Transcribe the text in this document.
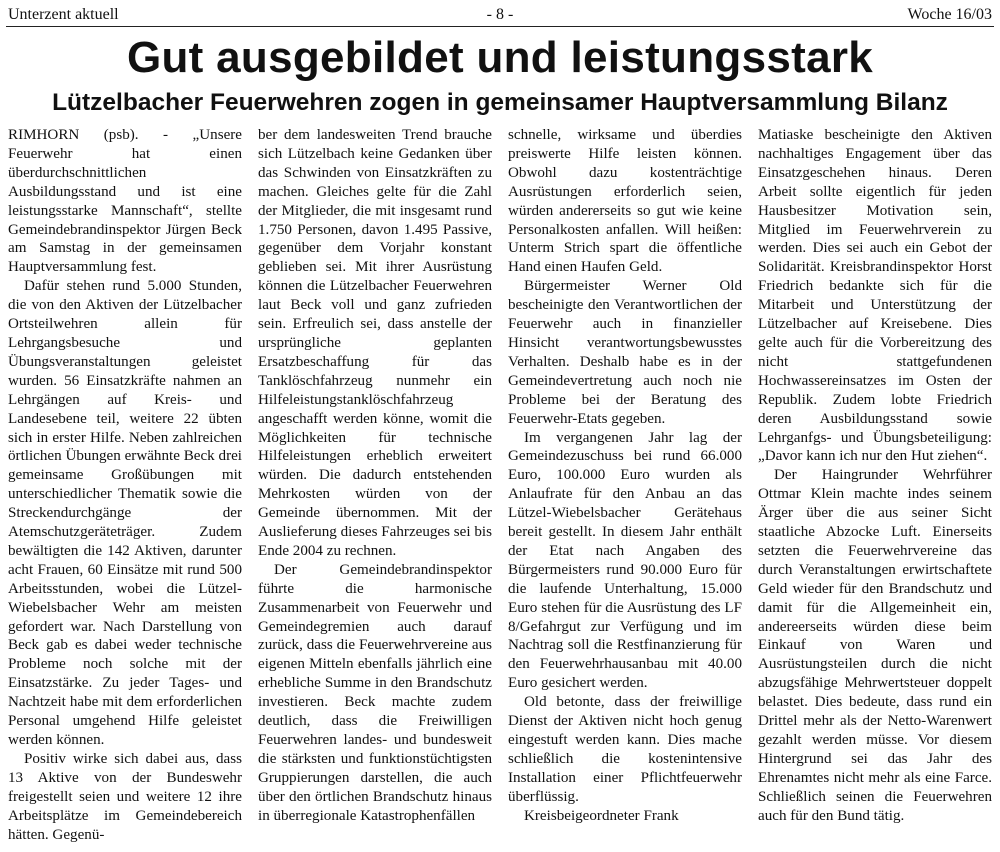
Unterzent aktuell	- 8 -	Woche 16/03
Gut ausgebildet und leistungsstark
Lützelbacher Feuerwehren zogen in gemeinsamer Hauptversammlung Bilanz

RIMHORN (psb). - „Unsere Feuerwehr hat einen überdurchschnittlichen Ausbildungsstand und ist eine leistungsstarke Mannschaft“, stellte Gemeindebrandinspektor Jürgen Beck am Samstag in der gemeinsamen Hauptversammlung fest.

Dafür stehen rund 5.000 Stunden, die von den Aktiven der Lützelbacher Ortsteilwehren allein für Lehrgangsbesuche und Übungsveranstaltungen geleistet wurden. 56 Einsatzkräfte nahmen an Lehrgängen auf Kreis- und Landesebene teil, weitere 22 übten sich in erster Hilfe. Neben zahlreichen örtlichen Übungen erwähnte Beck drei gemeinsame Großübungen mit unterschiedlicher Thematik sowie die Streckendurchgänge der Atemschutzgeräteträger. Zudem bewältigten die 142 Aktiven, darunter acht Frauen, 60 Einsätze mit rund 500 Arbeitsstunden, wobei die Lützel-Wiebelsbacher Wehr am meisten gefordert war. Nach Darstellung von Beck gab es dabei weder technische Probleme noch solche mit der Einsatzstärke. Zu jeder Tages- und Nachtzeit habe mit dem erforderlichen Personal umgehend Hilfe geleistet werden können.

Positiv wirke sich dabei aus, dass 13 Aktive von der Bundeswehr freigestellt seien und weitere 12 ihre Arbeitsplätze im Gemeindebereich hätten. Gegenü-

ber dem landesweiten Trend brauche sich Lützelbach keine Gedanken über das Schwinden von Einsatzkräften zu machen. Gleiches gelte für die Zahl der Mitglieder, die mit insgesamt rund 1.750 Personen, davon 1.495 Passive, gegenüber dem Vorjahr konstant geblieben sei. Mit ihrer Ausrüstung können die Lützelbacher Feuerwehren laut Beck voll und ganz zufrieden sein. Erfreulich sei, dass anstelle der ursprüngliche geplanten Ersatzbeschaffung für das Tanklöschfahrzeug nunmehr ein Hilfeleistungstanklöschfahrzeug angeschafft werden könne, womit die Möglichkeiten für technische Hilfeleistungen erheblich erweitert würden. Die dadurch entstehenden Mehrkosten würden von der Gemeinde übernommen. Mit der Auslieferung dieses Fahrzeuges sei bis Ende 2004 zu rechnen.

Der Gemeindebrandinspektor führte die harmonische Zusammenarbeit von Feuerwehr und Gemeindegremien auch darauf zurück, dass die Feuerwehrvereine aus eigenen Mitteln ebenfalls jährlich eine erhebliche Summe in den Brandschutz investieren. Beck machte zudem deutlich, dass die Freiwilligen Feuerwehren landes- und bundesweit die stärksten und funktionstüchtigsten Gruppierungen darstellen, die auch über den örtlichen Brandschutz hinaus in überregionale Katastrophenfällen

schnelle, wirksame und überdies preiswerte Hilfe leisten können. Obwohl dazu kostenträchtige Ausrüstungen erforderlich seien, würden andererseits so gut wie keine Personalkosten anfallen. Will heißen: Unterm Strich spart die öffentliche Hand einen Haufen Geld.

Bürgermeister Werner Old bescheinigte den Verantwortlichen der Feuerwehr auch in finanzieller Hinsicht verantwortungsbewusstes Verhalten. Deshalb habe es in der Gemeindevertretung auch noch nie Probleme bei der Beratung des Feuerwehr-Etats gegeben.

Im vergangenen Jahr lag der Gemeindezuschuss bei rund 66.000 Euro, 100.000 Euro wurden als Anlaufrate für den Anbau an das Lützel-Wiebelsbacher Gerätehaus bereit gestellt. In diesem Jahr enthält der Etat nach Angaben des Bürgermeisters rund 90.000 Euro für die laufende Unterhaltung, 15.000 Euro stehen für die Ausrüstung des LF 8/Gefahrgut zur Verfügung und im Nachtrag soll die Restfinanzierung für den Feuerwehrhausanbau mit 40.00 Euro gesichert werden.

Old betonte, dass der freiwillige Dienst der Aktiven nicht hoch genug eingestuft werden kann. Dies mache schließlich die kostenintensive Installation einer Pflichtfeuerwehr überflüssig.

Kreisbeigeordneter Frank

Matiaske bescheinigte den Aktiven nachhaltiges Engagement über das Einsatzgeschehen hinaus. Deren Arbeit sollte eigentlich für jeden Hausbesitzer Motivation sein, Mitglied im Feuerwehrverein zu werden. Dies sei auch ein Gebot der Solidarität. Kreisbrandinspektor Horst Friedrich bedankte sich für die Mitarbeit und Unterstützung der Lützelbacher auf Kreisebene. Dies gelte auch für die Vorbereitzung des nicht stattgefundenen Hochwassereinsatzes im Osten der Republik. Zudem lobte Friedrich deren Ausbildungsstand sowie Lehrganfgs- und Übungsbeteiligung: „Davor kann ich nur den Hut ziehen“.

Der Haingrunder Wehrführer Ottmar Klein machte indes seinem Ärger über die aus seiner Sicht staatliche Abzocke Luft. Einerseits setzten die Feuerwehrvereine das durch Veranstaltungen erwirtschaftete Geld wieder für den Brandschutz und damit für die Allgemeinheit ein, andereerseits würden diese beim Einkauf von Waren und Ausrüstungsteilen durch die nicht abzugsfähige Mehrwertsteuer doppelt belastet. Dies bedeute, dass rund ein Drittel mehr als der Netto-Warenwert gezahlt werden müsse. Vor diesem Hintergrund sei das Jahr des Ehrenamtes nicht mehr als eine Farce. Schließlich seinen die Feuerwehren auch für den Bund tätig.
